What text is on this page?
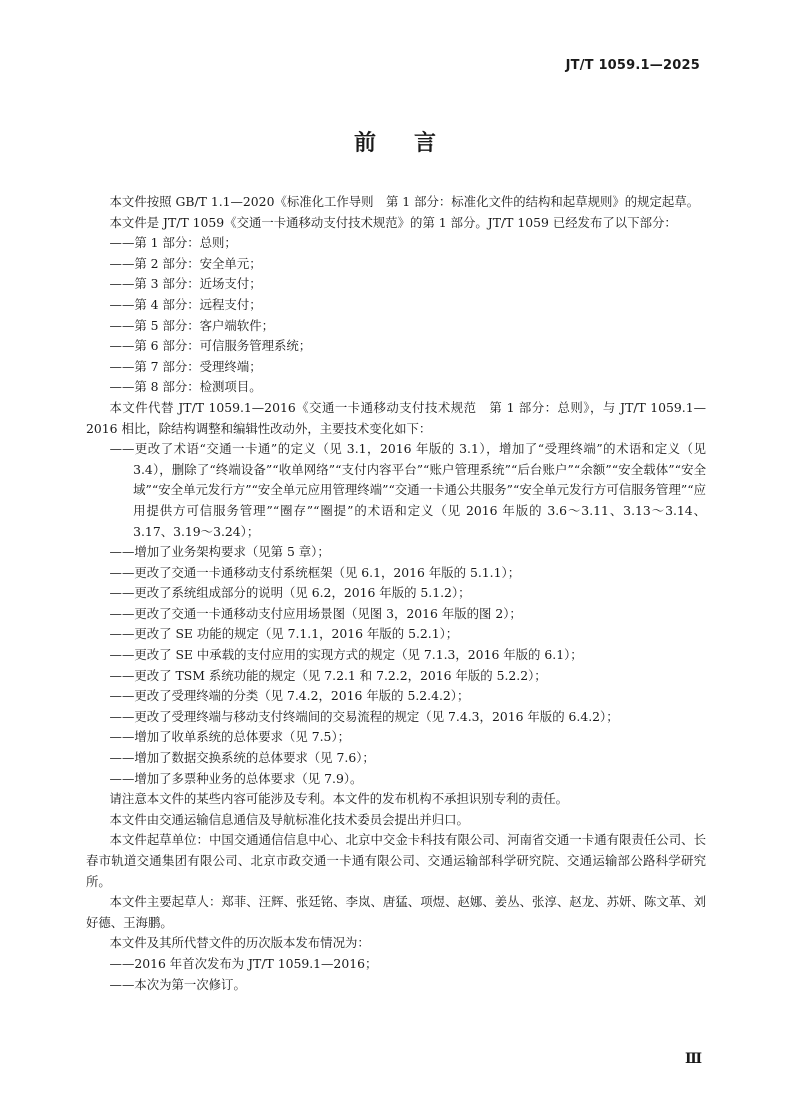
JT/T 1059.1—2025
前言

本文件按照 GB/T 1.1—2020《标准化工作导则　第 1 部分：标准化文件的结构和起草规则》的规定起草。

本文件是 JT/T 1059《交通一卡通移动支付技术规范》的第 1 部分。JT/T 1059 已经发布了以下部分：

——第 1 部分：总则；

——第 2 部分：安全单元；

——第 3 部分：近场支付；

——第 4 部分：远程支付；

——第 5 部分：客户端软件；

——第 6 部分：可信服务管理系统；

——第 7 部分：受理终端；

——第 8 部分：检测项目。

本文件代替 JT/T 1059.1—2016《交通一卡通移动支付技术规范　第 1 部分：总则》，与 JT/T 1059.1—2016 相比，除结构调整和编辑性改动外，主要技术变化如下：

——更改了术语“交通一卡通”的定义（见 3.1，2016 年版的 3.1），增加了“受理终端”的术语和定义（见 3.4），删除了“终端设备”“收单网络”“支付内容平台”“账户管理系统”“后台账户”“余额”“安全载体”“安全域”“安全单元发行方”“安全单元应用管理终端”“交通一卡通公共服务”“安全单元发行方可信服务管理”“应用提供方可信服务管理”“圈存”“圈提”的术语和定义（见 2016 年版的 3.6～3.11、3.13～3.14、3.17、3.19～3.24）；

——增加了业务架构要求（见第 5 章）；

——更改了交通一卡通移动支付系统框架（见 6.1，2016 年版的 5.1.1）；

——更改了系统组成部分的说明（见 6.2，2016 年版的 5.1.2）；

——更改了交通一卡通移动支付应用场景图（见图 3，2016 年版的图 2）；

——更改了 SE 功能的规定（见 7.1.1，2016 年版的 5.2.1）；

——更改了 SE 中承载的支付应用的实现方式的规定（见 7.1.3，2016 年版的 6.1）；

——更改了 TSM 系统功能的规定（见 7.2.1 和 7.2.2，2016 年版的 5.2.2）；

——更改了受理终端的分类（见 7.4.2，2016 年版的 5.2.4.2）；

——更改了受理终端与移动支付终端间的交易流程的规定（见 7.4.3，2016 年版的 6.4.2）；

——增加了收单系统的总体要求（见 7.5）；

——增加了数据交换系统的总体要求（见 7.6）；

——增加了多票种业务的总体要求（见 7.9）。

请注意本文件的某些内容可能涉及专利。本文件的发布机构不承担识别专利的责任。

本文件由交通运输信息通信及导航标准化技术委员会提出并归口。

本文件起草单位：中国交通通信信息中心、北京中交金卡科技有限公司、河南省交通一卡通有限责任公司、长春市轨道交通集团有限公司、北京市政交通一卡通有限公司、交通运输部科学研究院、交通运输部公路科学研究所。

本文件主要起草人：郑菲、汪辉、张廷铭、李岚、唐猛、项煜、赵娜、姜丛、张淳、赵龙、苏妍、陈文革、刘好德、王海鹏。

本文件及其所代替文件的历次版本发布情况为：

——2016 年首次发布为 JT/T 1059.1—2016；

——本次为第一次修订。

Ⅲ
